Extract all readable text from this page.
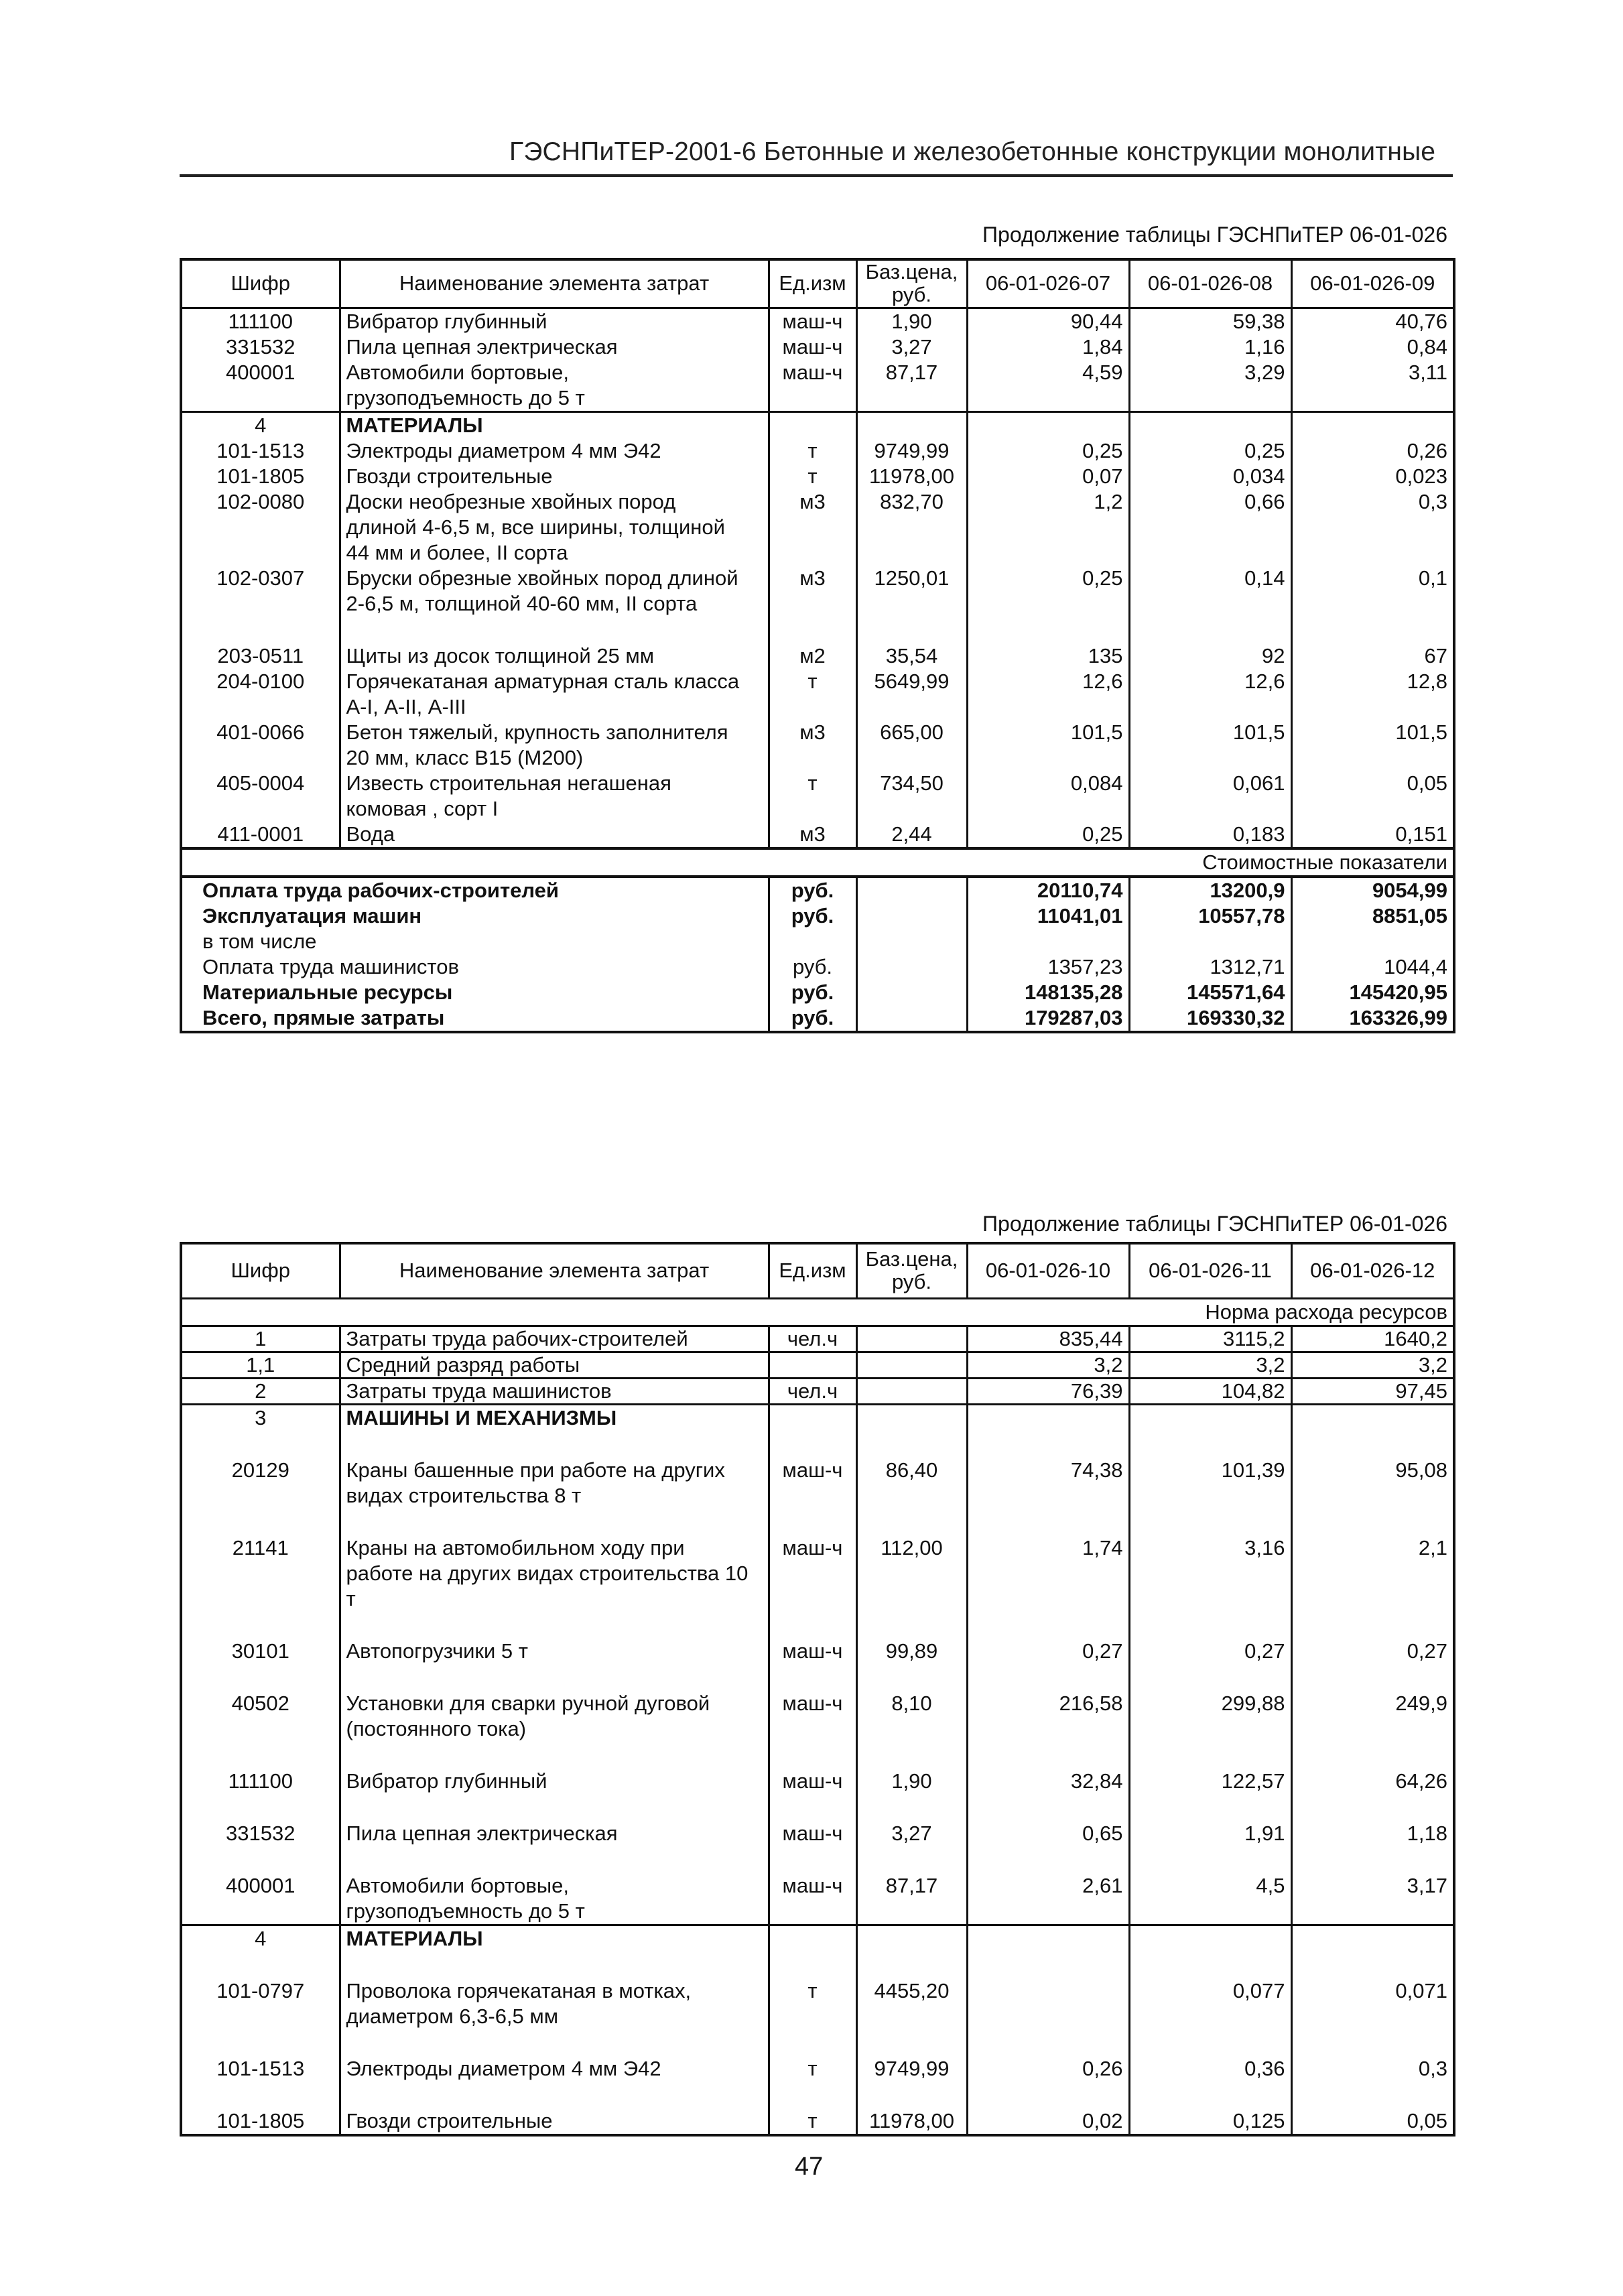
ГЭСНПиТЕР-2001-6 Бетонные и железобетонные конструкции монолитные
Продолжение таблицы ГЭСНПиТЕР 06-01-026
Шифр	Наименование элемента затрат	Ед.изм	Баз.цена, руб.	06-01-026-07	06-01-026-08	06-01-026-09
111100	Вибратор глубинный	маш-ч	1,90	90,44	59,38	40,76
331532	Пила цепная электрическая	маш-ч	3,27	1,84	1,16	0,84
400001	Автомобили бортовые,
грузоподъемность до 5 т	маш-ч	87,17	4,59	3,29	3,11
4	МАТЕРИАЛЫ					

101-1513	Электроды диаметром 4 мм Э42	т	9749,99	0,25	0,25	0,26
101-1805	Гвозди строительные	т	11978,00	0,07	0,034	0,023
102-0080	Доски необрезные хвойных пород
длиной 4-6,5 м, все ширины, толщиной
44 мм и более, II сорта	м3	832,70	1,2	0,66	0,3
102-0307	Бруски обрезные хвойных пород длиной
2-6,5 м, толщиной 40-60 мм, II сорта	м3	1250,01	0,25	0,14	0,1

203-0511	Щиты из досок толщиной 25 мм	м2	35,54	135	92	67
204-0100	Горячекатаная арматурная сталь класса
А-I, А-II, А-III	т	5649,99	12,6	12,6	12,8
401-0066	Бетон тяжелый, крупность заполнителя
20 мм, класс В15 (М200)	м3	665,00	101,5	101,5	101,5
405-0004	Известь строительная негашеная
комовая , сорт I	т	734,50	0,084	0,061	0,05
411-0001	Вода	м3	2,44	0,25	0,183	0,151
Стоимостные показатели						
Оплата труда рабочих-строителей		руб.		20110,74	13200,9	9054,99
Эксплуатация машин		руб.		11041,01	10557,78	8851,05
в том числе						
Оплата труда машинистов		руб.		1357,23	1312,71	1044,4
Материальные ресурсы		руб.		148135,28	145571,64	145420,95
Всего, прямые затраты		руб.		179287,03	169330,32	163326,99
Продолжение таблицы ГЭСНПиТЕР 06-01-026
Шифр	Наименование элемента затрат	Ед.изм	Баз.цена, руб.	06-01-026-10	06-01-026-11	06-01-026-12
Норма расхода ресурсов						
1	Затраты труда рабочих-строителей	чел.ч		835,44	3115,2	1640,2
1,1	Средний разряд работы			3,2	3,2	3,2
2	Затраты труда машинистов	чел.ч		76,39	104,82	97,45
3	МАШИНЫ И МЕХАНИЗМЫ					

20129	Краны башенные при работе на других
видах строительства 8 т	маш-ч	86,40	74,38	101,39	95,08

21141	Краны на автомобильном ходу при
работе на других видах строительства 10
т	маш-ч	112,00	1,74	3,16	2,1

30101	Автопогрузчики 5 т	маш-ч	99,89	0,27	0,27	0,27

40502	Установки для сварки ручной дуговой
(постоянного тока)	маш-ч	8,10	216,58	299,88	249,9

111100	Вибратор глубинный	маш-ч	1,90	32,84	122,57	64,26

331532	Пила цепная электрическая	маш-ч	3,27	0,65	1,91	1,18

400001	Автомобили бортовые,
грузоподъемность до 5 т	маш-ч	87,17	2,61	4,5	3,17
4	МАТЕРИАЛЫ					

101-0797	Проволока горячекатаная в мотках,
диаметром 6,3-6,5 мм	т	4455,20		0,077	0,071

101-1513	Электроды диаметром 4 мм Э42	т	9749,99	0,26	0,36	0,3

101-1805	Гвозди строительные	т	11978,00	0,02	0,125	0,05
47
